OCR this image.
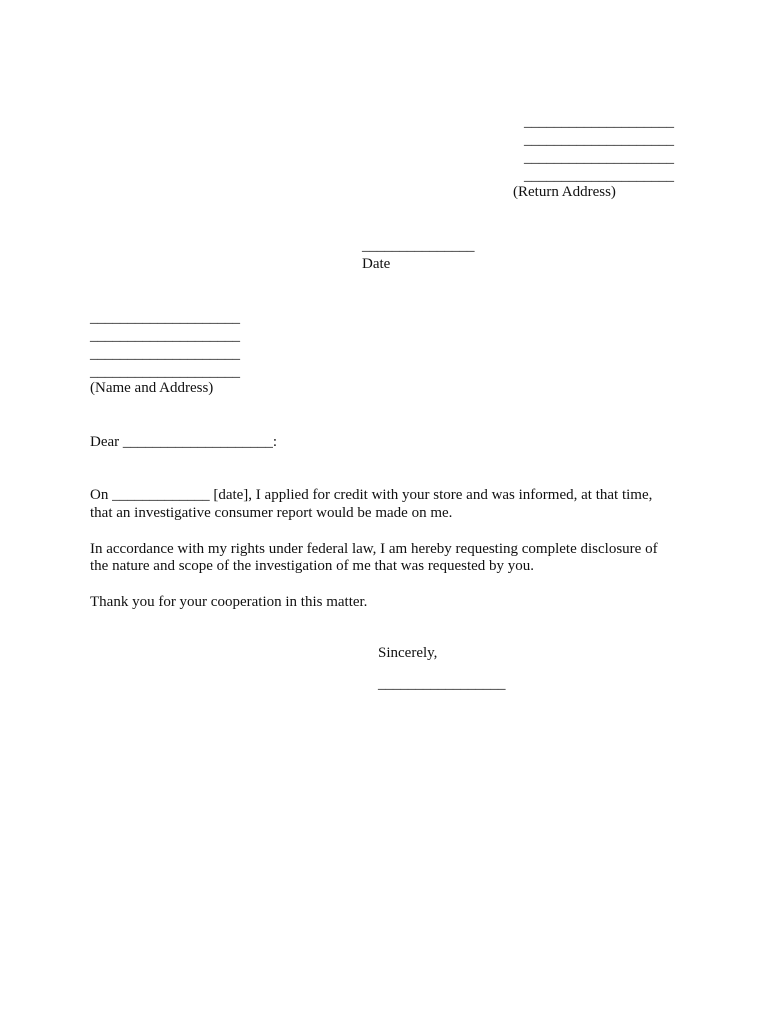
____________________
____________________
____________________
____________________
(Return Address)
_______________
Date
____________________
____________________
____________________
____________________
(Name and Address)
Dear ____________________:
On _____________ [date], I applied for credit with your store and was informed, at that time,
that an investigative consumer report would be made on me.
In accordance with my rights under federal law, I am hereby requesting complete disclosure of
the nature and scope of the investigation of me that was requested by you.
Thank you for your cooperation in this matter.
Sincerely,
_________________
